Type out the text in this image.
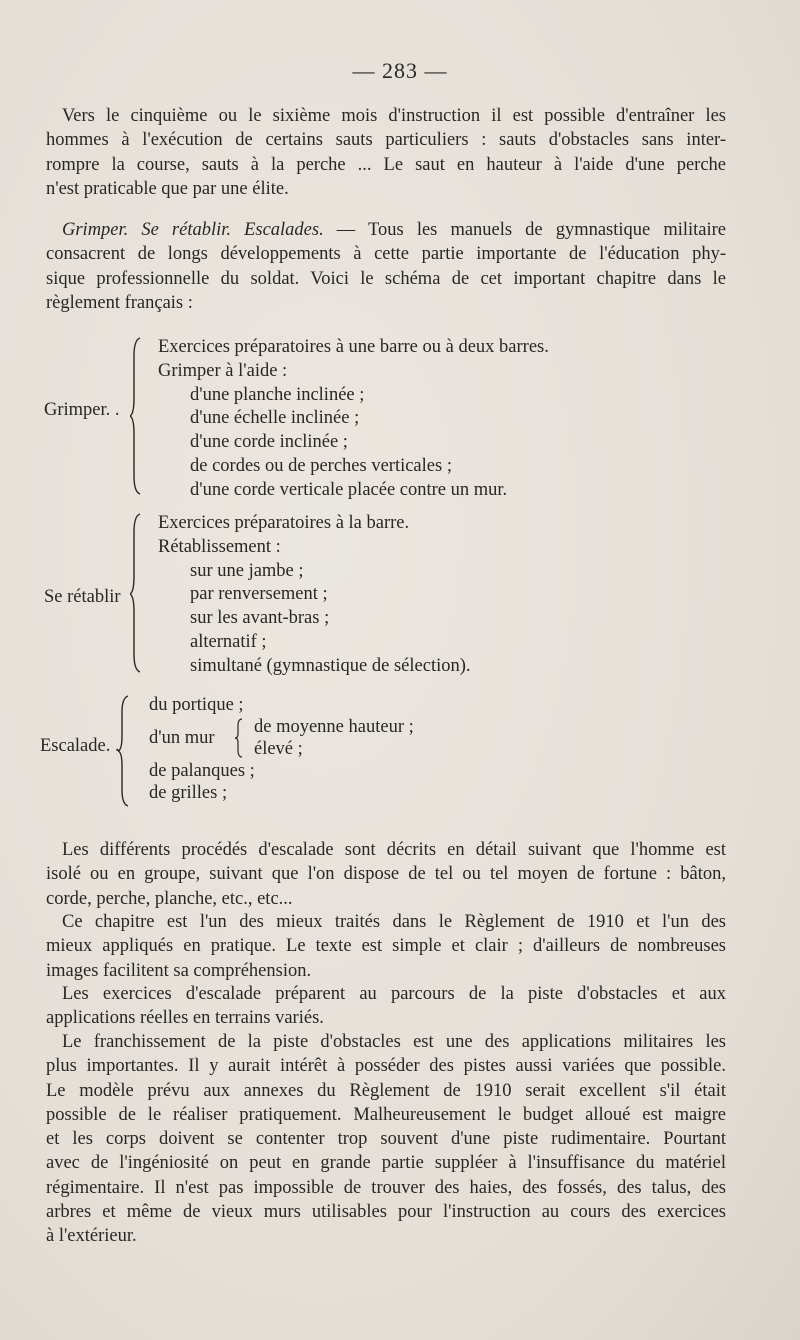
— 283 —
Vers le cinquième ou le sixième mois d'instruction il est possible d'entraîner les
hommes à l'exécution de certains sauts particuliers : sauts d'obstacles sans inter-
rompre la course, sauts à la perche ... Le saut en hauteur à l'aide d'une perche
n'est praticable que par une élite.
Grimper. Se rétablir. Escalades. — Tous les manuels de gymnastique militaire
consacrent de longs développements à cette partie importante de l'éducation phy-
sique professionnelle du soldat. Voici le schéma de cet important chapitre dans le
règlement français :
Grimper. .
Exercices préparatoires à une barre ou à deux barres.
Grimper à l'aide :
d'une planche inclinée ;
d'une échelle inclinée ;
d'une corde inclinée ;
de cordes ou de perches verticales ;
d'une corde verticale placée contre un mur.
Se rétablir
Exercices préparatoires à la barre.
Rétablissement :
sur une jambe ;
par renversement ;
sur les avant-bras ;
alternatif ;
simultané (gymnastique de sélection).
Escalade. .
du portique ;
d'un mur
de moyenne hauteur ;
élevé ;
de palanques ;
de grilles ;
Les différents procédés d'escalade sont décrits en détail suivant que l'homme est
isolé ou en groupe, suivant que l'on dispose de tel ou tel moyen de fortune : bâton,
corde, perche, planche, etc., etc...
Ce chapitre est l'un des mieux traités dans le Règlement de 1910 et l'un des
mieux appliqués en pratique. Le texte est simple et clair ; d'ailleurs de nombreuses
images facilitent sa compréhension.
Les exercices d'escalade préparent au parcours de la piste d'obstacles et aux
applications réelles en terrains variés.
Le franchissement de la piste d'obstacles est une des applications militaires les
plus importantes. Il y aurait intérêt à posséder des pistes aussi variées que possible.
Le modèle prévu aux annexes du Règlement de 1910 serait excellent s'il était
possible de le réaliser pratiquement. Malheureusement le budget alloué est maigre
et les corps doivent se contenter trop souvent d'une piste rudimentaire. Pourtant
avec de l'ingéniosité on peut en grande partie suppléer à l'insuffisance du matériel
régimentaire. Il n'est pas impossible de trouver des haies, des fossés, des talus, des
arbres et même de vieux murs utilisables pour l'instruction au cours des exercices
à l'extérieur.
